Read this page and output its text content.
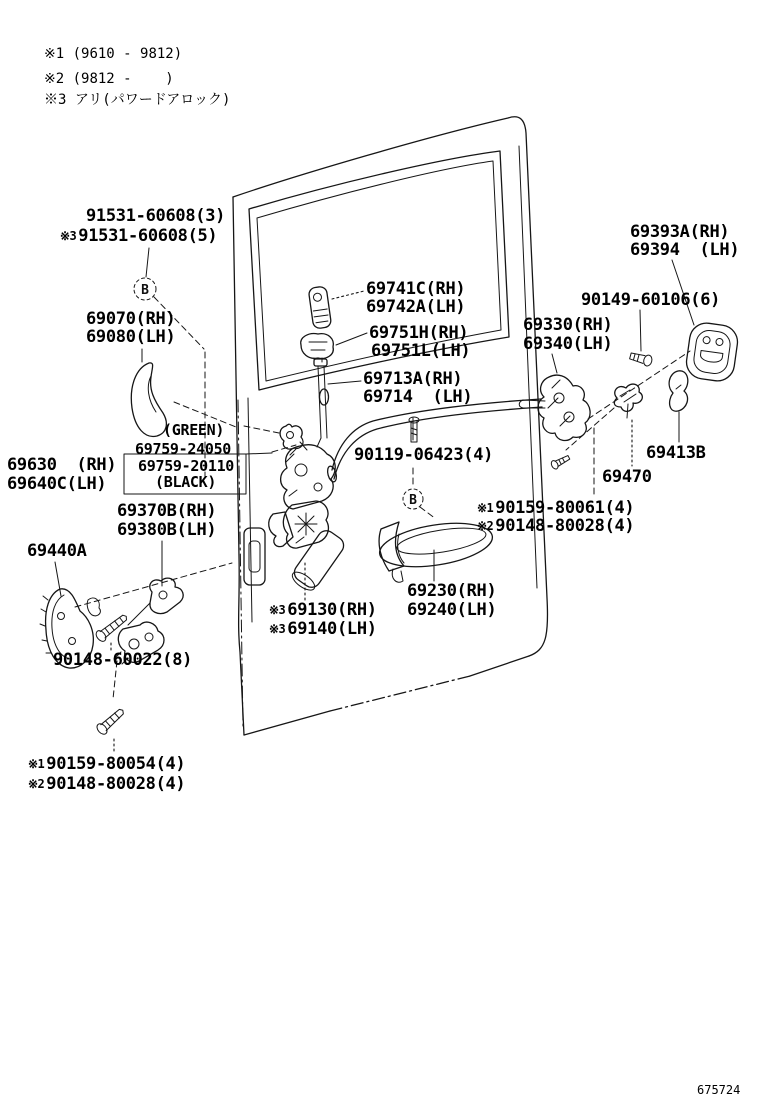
B
B
※1 (9610 - 9812)
※2 (9812 -    )
※3 アリ(パワードアロック)
91531-60608(3)
※3 91531-60608(5)
69070(RH)
69080(LH)
69741C(RH)
69742A(LH)
69751H(RH)
69751L(LH)
69713A(RH)
69714  (LH)
90149-60106(6)
69330(RH)
69340(LH)
69393A(RH)
69394  (LH)
69630  (RH)
69640C(LH)
(GREEN)
69759-24050
69759-20110
(BLACK)
69370B(RH)
69380B(LH)
69440A
90148-60022(8)
※1 90159-80054(4)
※2 90148-80028(4)
※3 69130(RH)
※3 69140(LH)
69230(RH)
69240(LH)
90119-06423(4)
※1 90159-80061(4)
※2 90148-80028(4)
69413B
69470
675724
